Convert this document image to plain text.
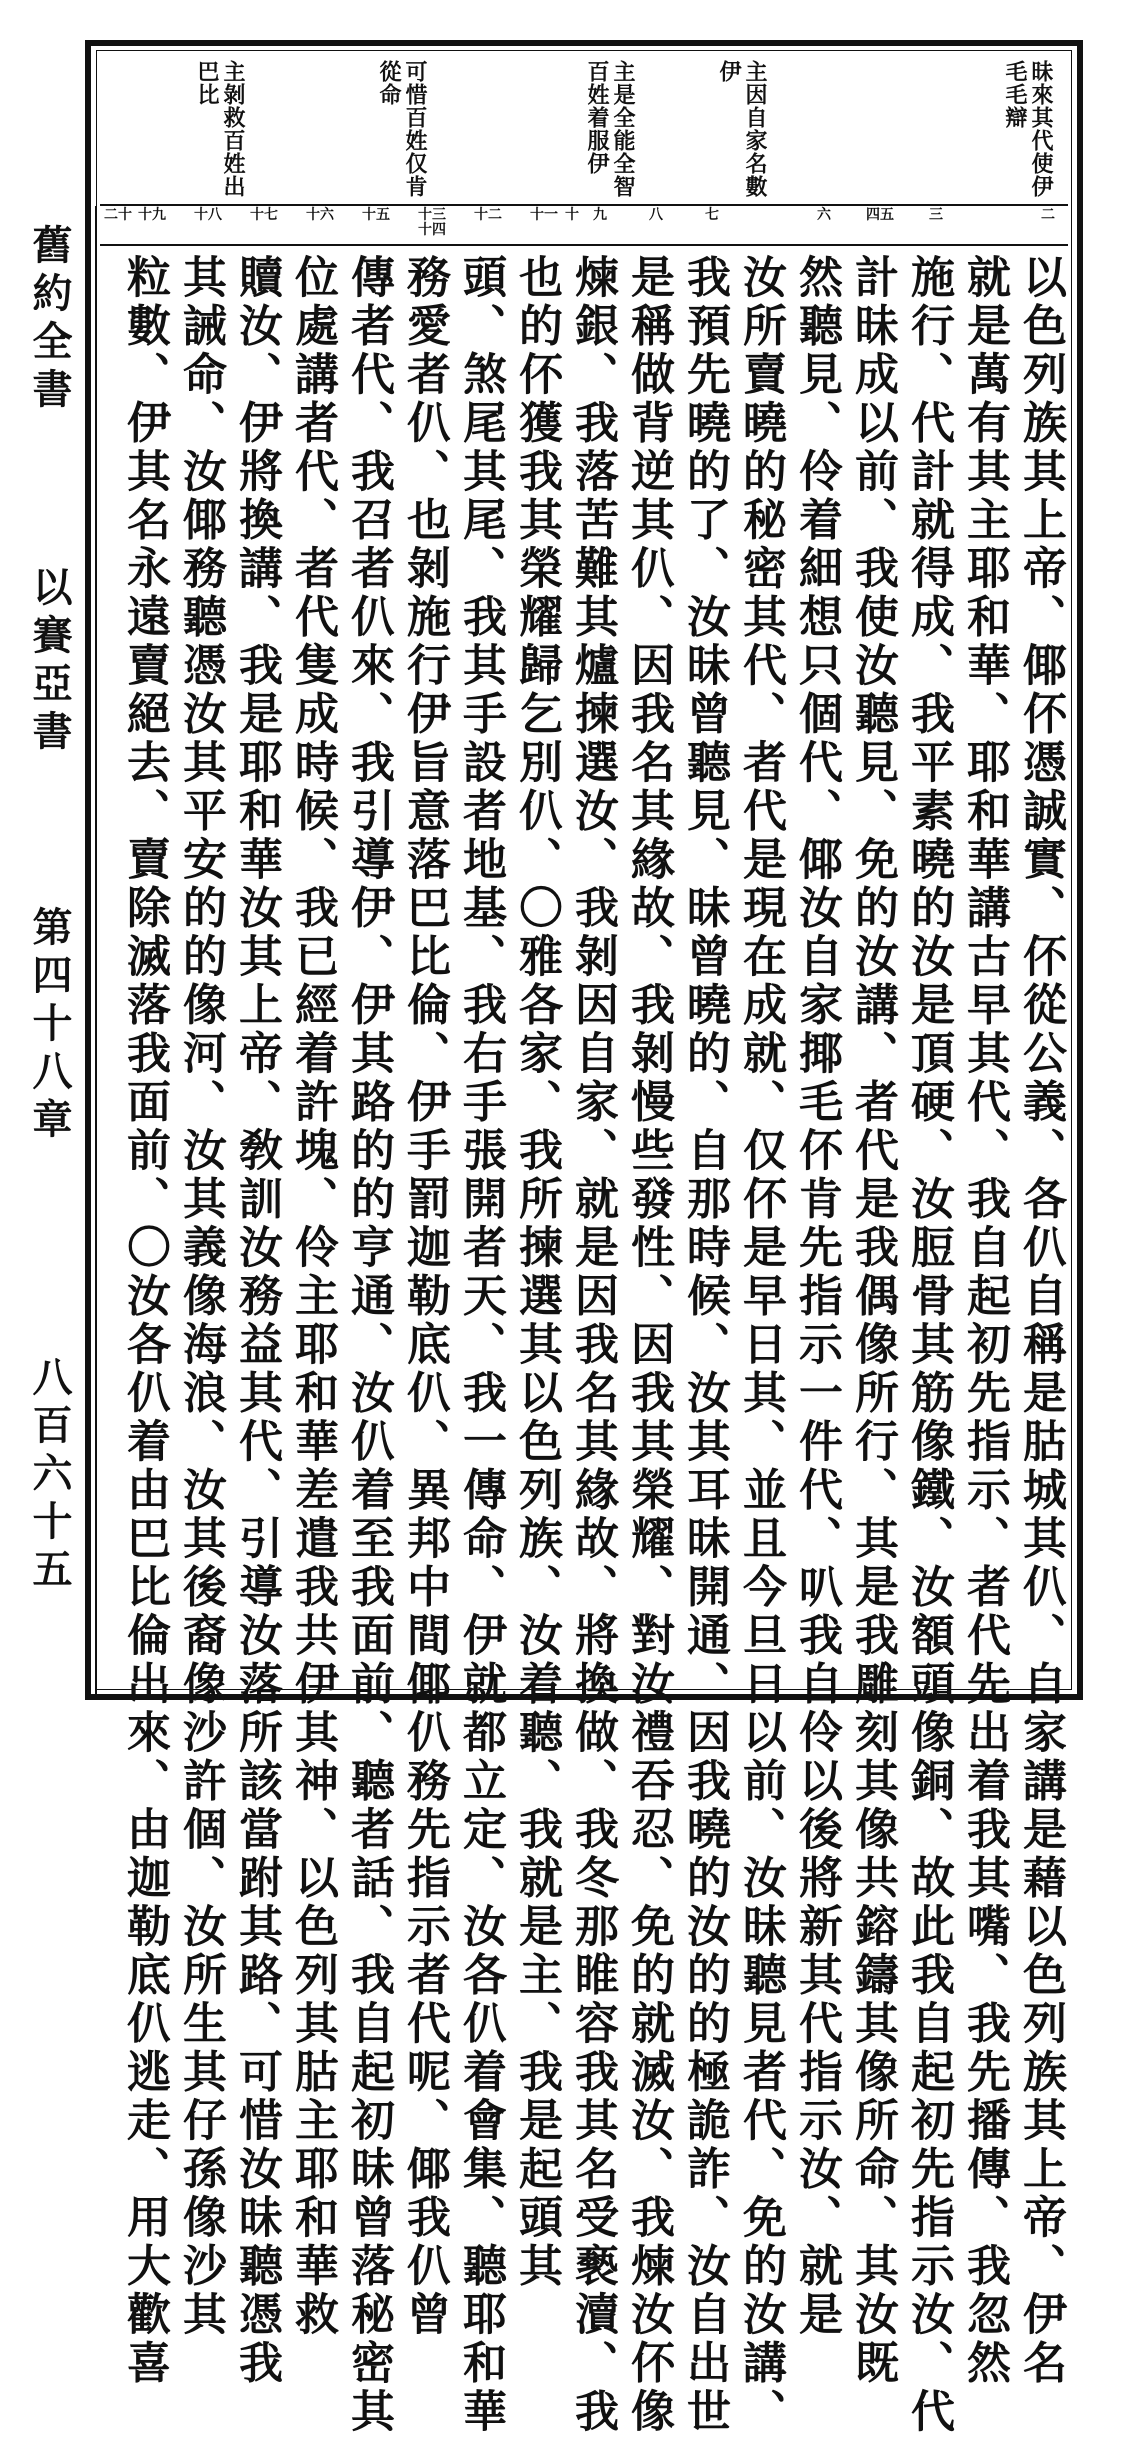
昧來其代使伊毛毛辯
主因自家名數伊
主是全能全智百姓着服伊
可惜百姓仅肯從命
主剝救百姓出巴比
二
三
四五
六
七
八
九
十
十一
十二
十三十四
十五
十六
十七
十八
十九
二十
以色列族其上帝、倻伓憑誠實、伓從公義、各仈自稱是𦙶城其仈、自家講是藉以色列族其上帝、伊名
就是萬有其主耶和華、耶和華講古早其代、我自起初先指示、者代先出着我其嘴、我先播傳、我忽然
施行、代計就得成、我平素曉的汝是頂硬、汝脰骨其筋像鐵、汝額頭像銅、故此我自起初先指示汝、代
計昧成以前、我使汝聽見、免的汝講、者代是我偶像所行、其是我雕刻其像共鎔鑄其像所命、其汝既
然聽見、伶着細想只個代、倻汝自家揶毛伓肯先指示一件代、叭我自伶以後將新其代指示汝、就是
汝所賣曉的秘密其代、者代是現在成就、仅伓是早日其、並且今旦日以前、汝昧聽見者代、免的汝講、
我預先曉的了、汝昧曾聽見、昧曾曉的、自那時候、汝其耳昧開通、因我曉的汝的的極詭詐、汝自出世
是稱做背逆其仈、因我名其緣故、我剝慢些發性、因我其榮耀、對汝禮吞忍、免的就滅汝、我煉汝伓像
煉銀、我落苦難其爐揀選汝、我剝因自家、就是因我名其緣故、將換做、我冬那睢容我其名受褻瀆、我
也的伓獲我其榮耀歸乞別仈、〇雅各家、我所揀選其以色列族、汝着聽、我就是主、我是起頭其
頭、煞尾其尾、我其手設者地基、我右手張開者天、我一傳命、伊就都立定、汝各仈着會集、聽耶和華
務愛者仈、也剝施行伊旨意落巴比倫、伊手罰迦勒底仈、異邦中間倻仈務先指示者代呢、倻我仈曾
傳者代、我召者仈來、我引導伊、伊其路的的亨通、汝仈着至我面前、聽者話、我自起初昧曾落秘密其
位處講者代、者代隻成時候、我已經着許塊、伶主耶和華差遣我共伊其神、以色列其𦙶主耶和華救
贖汝、伊將換講、我是耶和華汝其上帝、敎訓汝務益其代、引導汝落所該當跗其路、可惜汝昧聽憑我
其誡命、汝倻務聽憑汝其平安的的像河、汝其義像海浪、汝其後裔像沙許個、汝所生其仔孫像沙其
粒數、伊其名永遠賣絕去、賣除滅落我面前、〇汝各仈着由巴比倫出來、由迦勒底仈逃走、用大歡喜
舊約全書
以賽亞書
第四十八章
八百六十五
